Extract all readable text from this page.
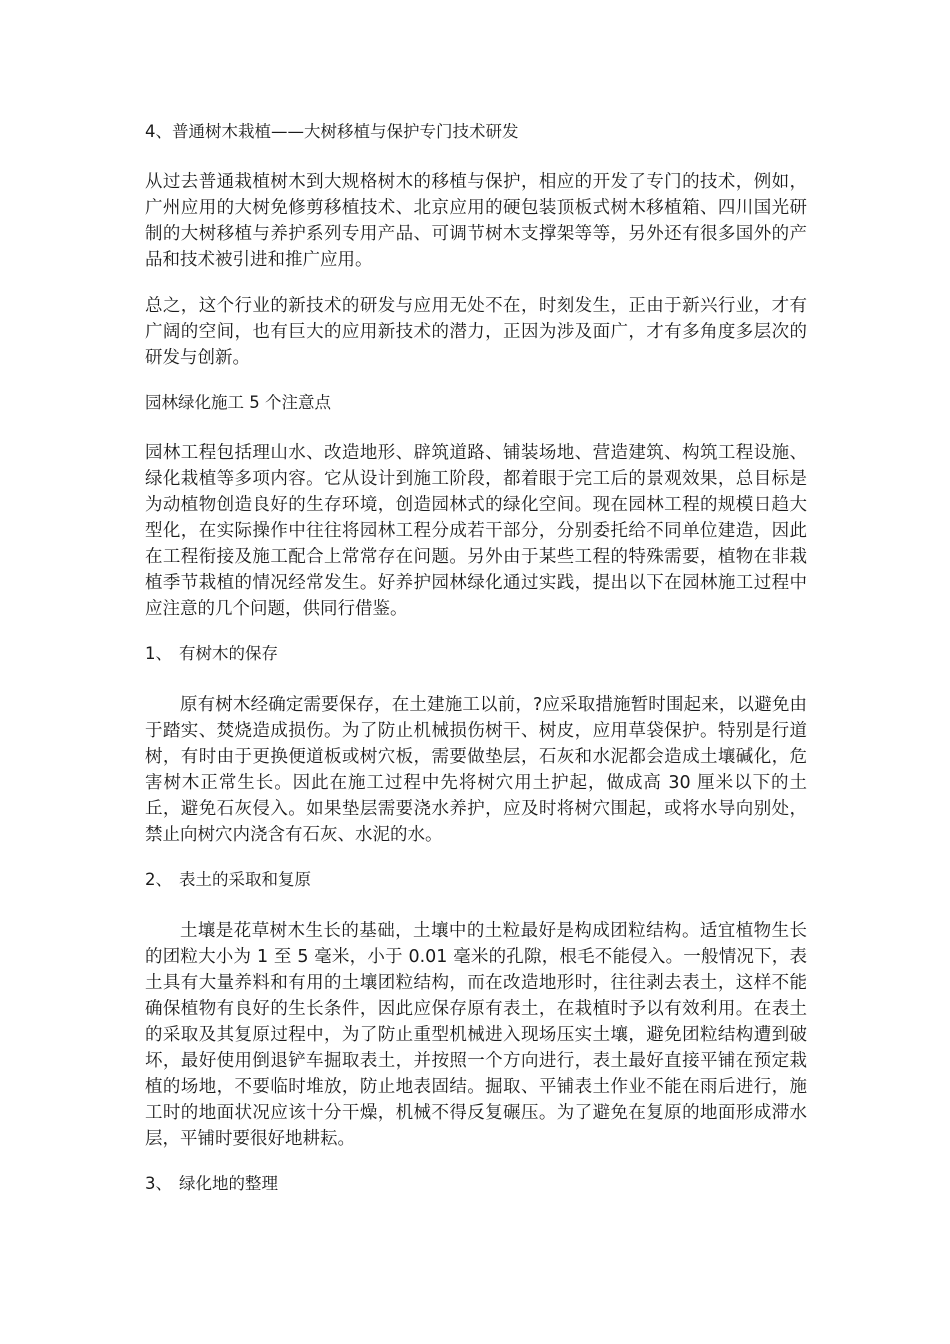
4、普通树木栽植——大树移植与保护专门技术研发

从过去普通栽植树木到大规格树木的移植与保护，相应的开发了专门的技术，例如，广州应用的大树免修剪移植技术、北京应用的硬包装顶板式树木移植箱、四川国光研制的大树移植与养护系列专用产品、可调节树木支撑架等等，另外还有很多国外的产品和技术被引进和推广应用。

总之，这个行业的新技术的研发与应用无处不在，时刻发生，正由于新兴行业，才有广阔的空间，也有巨大的应用新技术的潜力，正因为涉及面广，才有多角度多层次的研发与创新。

园林绿化施工 5 个注意点

园林工程包括理山水、改造地形、辟筑道路、铺装场地、营造建筑、构筑工程设施、绿化栽植等多项内容。它从设计到施工阶段，都着眼于完工后的景观效果，总目标是为动植物创造良好的生存环境，创造园林式的绿化空间。现在园林工程的规模日趋大型化，在实际操作中往往将园林工程分成若干部分，分别委托给不同单位建造，因此在工程衔接及施工配合上常常存在问题。另外由于某些工程的特殊需要，植物在非栽植季节栽植的情况经常发生。好养护园林绿化通过实践，提出以下在园林施工过程中应注意的几个问题，供同行借鉴。

1、 有树木的保存

原有树木经确定需要保存，在土建施工以前，?应采取措施暂时围起来，以避免由于踏实、焚烧造成损伤。为了防止机械损伤树干、树皮，应用草袋保护。特别是行道树，有时由于更换便道板或树穴板，需要做垫层，石灰和水泥都会造成土壤碱化，危害树木正常生长。因此在施工过程中先将树穴用土护起，做成高 30 厘米以下的土丘，避免石灰侵入。如果垫层需要浇水养护，应及时将树穴围起，或将水导向别处，禁止向树穴内浇含有石灰、水泥的水。

2、 表土的采取和复原

土壤是花草树木生长的基础，土壤中的土粒最好是构成团粒结构。适宜植物生长的团粒大小为 1 至 5 毫米，小于 0.01 毫米的孔隙，根毛不能侵入。一般情况下，表土具有大量养料和有用的土壤团粒结构，而在改造地形时，往往剥去表土，这样不能确保植物有良好的生长条件，因此应保存原有表土，在栽植时予以有效利用。在表土的采取及其复原过程中，为了防止重型机械进入现场压实土壤，避免团粒结构遭到破坏，最好使用倒退铲车掘取表土，并按照一个方向进行，表土最好直接平铺在预定栽植的场地，不要临时堆放，防止地表固结。掘取、平铺表土作业不能在雨后进行，施工时的地面状况应该十分干燥，机械不得反复碾压。为了避免在复原的地面形成滞水层，平铺时要很好地耕耘。

3、 绿化地的整理
